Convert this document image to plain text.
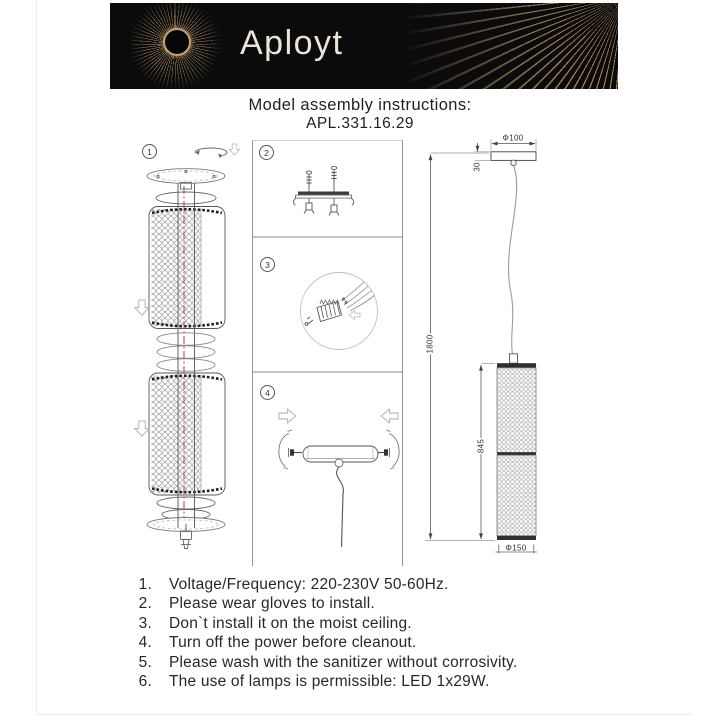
Aployt
Model assembly instructions:
APL.331.16.29
1	2
3
4
Φ100
30
1800
845
Φ150
1. Voltage/Frequency: 220-230V 50-60Hz.
2. Please wear gloves to install.
3. Don`t install it on the moist ceiling.
4. Turn off the power before cleanout.
5. Please wash with the sanitizer without corrosivity.
6. The use of lamps is permissible: LED 1x29W.
